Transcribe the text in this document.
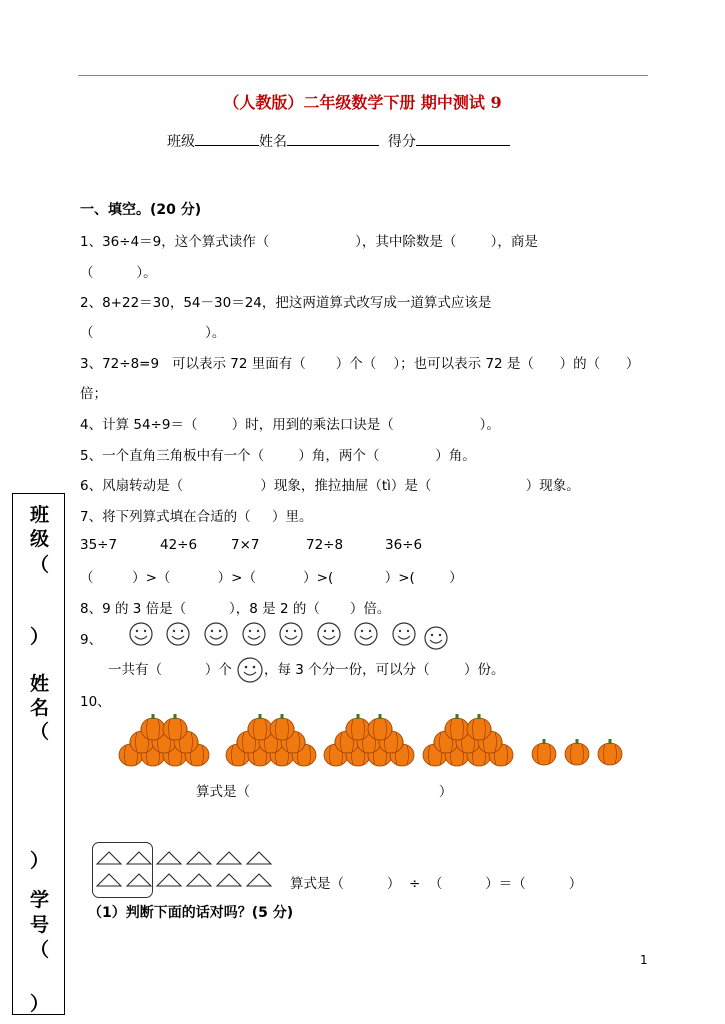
（人教版）二年级数学下册 期中测试 9
班级	姓名	得分
一、填空。(20 分)
1、36÷4＝9，这个算式读作（                    ），其中除数是（        ），商是
（          ）。
2、8+22＝30，54－30＝24，把这两道算式改写成一道算式应该是
（                          ）。
3、72÷8=9   可以表示 72 里面有（       ）个（    ）；也可以表示 72 是（      ）的（      ）
倍；
4、计算 54÷9＝（        ）时，用到的乘法口诀是（                    ）。
5、一个直角三角板中有一个（        ）角，两个（             ）角。
6、风扇转动是（                  ）现象，推拉抽屉（tì）是（                      ）现象。
7、将下列算式填在合适的（     ）里。
35÷7	42÷6	7×7	72÷8	36÷6
（         ）>（           ）>（           ）>(            ）>(        ）
8、9 的 3 倍是（          ），8 是 2 的（       ）倍。
9、
一共有（          ）个 ，每 3 个分一份，可以分（        ）份。
10、
算式是（                                            ）
算式是（          ）  ÷  （          ）＝（          ）
（1）判断下面的话对吗？(5 分)
班
级
（
）
姓
名
（
）
学
号
（
）
1
